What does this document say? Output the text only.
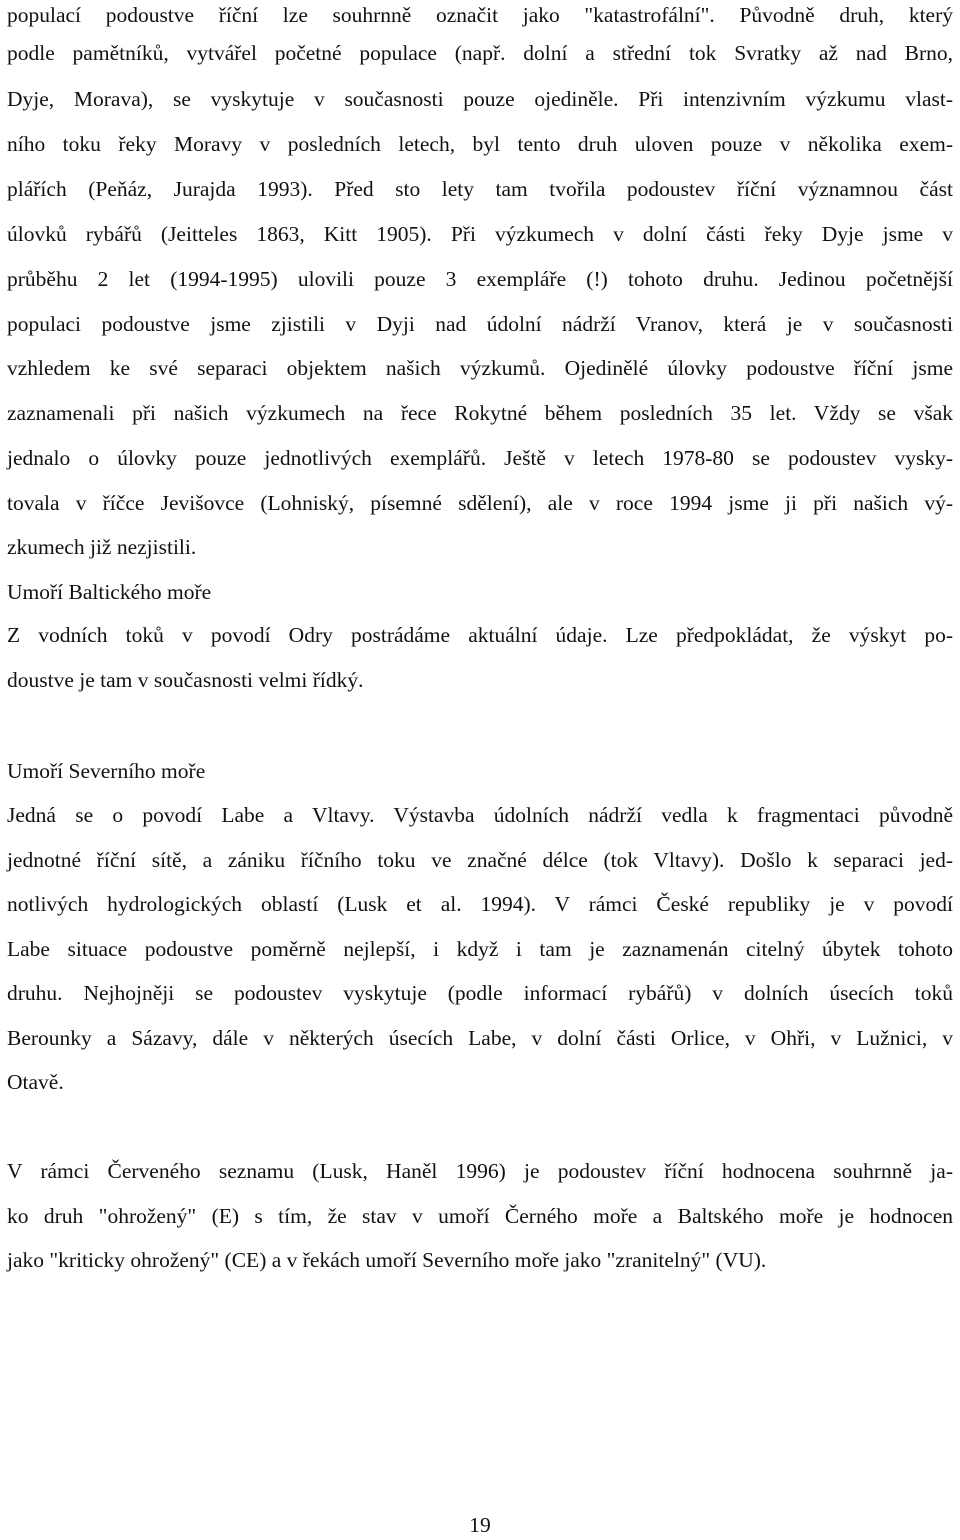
populací podoustve říční lze souhrnně označit jako "katastrofální". Původně druh, který
podle pamětníků, vytvářel početné populace (např. dolní a střední tok Svratky až nad Brno,
Dyje, Morava), se vyskytuje v současnosti pouze ojediněle. Při intenzivním výzkumu vlast-
ního toku řeky Moravy v posledních letech, byl tento druh uloven pouze v několika exem-
plářích (Peňáz, Jurajda 1993). Před sto lety tam tvořila podoustev říční významnou část
úlovků rybářů (Jeitteles 1863, Kitt 1905). Při výzkumech v dolní části řeky Dyje jsme v
průběhu 2 let (1994-1995) ulovili pouze 3 exempláře (!) tohoto druhu. Jedinou početnější
populaci podoustve jsme zjistili v Dyji nad údolní nádrží Vranov, která je v současnosti
vzhledem ke své separaci objektem našich výzkumů. Ojedinělé úlovky podoustve říční jsme
zaznamenali při našich výzkumech na řece Rokytné během posledních 35 let. Vždy se však
jednalo o úlovky pouze jednotlivých exemplářů. Ještě v letech 1978-80 se podoustev vysky-
tovala v říčce Jevišovce (Lohniský, písemné sdělení), ale v roce 1994 jsme ji při našich vý-
zkumech již nezjistili.
Umoří Baltického moře
Z vodních toků v povodí Odry postrádáme aktuální údaje. Lze předpokládat, že výskyt po-
doustve je tam v současnosti velmi řídký.
Umoří Severního moře
Jedná se o povodí Labe a Vltavy. Výstavba údolních nádrží vedla k fragmentaci původně
jednotné říční sítě, a zániku říčního toku ve značné délce (tok Vltavy). Došlo k separaci jed-
notlivých hydrologických oblastí (Lusk et al. 1994). V rámci České republiky je v povodí
Labe situace podoustve poměrně nejlepší, i když i tam je zaznamenán citelný úbytek tohoto
druhu. Nejhojněji se podoustev vyskytuje (podle informací rybářů) v dolních úsecích toků
Berounky a Sázavy, dále v některých úsecích Labe, v dolní části Orlice, v Ohři, v Lužnici, v
Otavě.
V rámci Červeného seznamu (Lusk, Haněl 1996) je podoustev říční hodnocena souhrnně ja-
ko druh "ohrožený" (E) s tím, že stav v umoří Černého moře a Baltského moře je hodnocen
jako "kriticky ohrožený" (CE) a v řekách umoří Severního moře jako "zranitelný" (VU).
19
